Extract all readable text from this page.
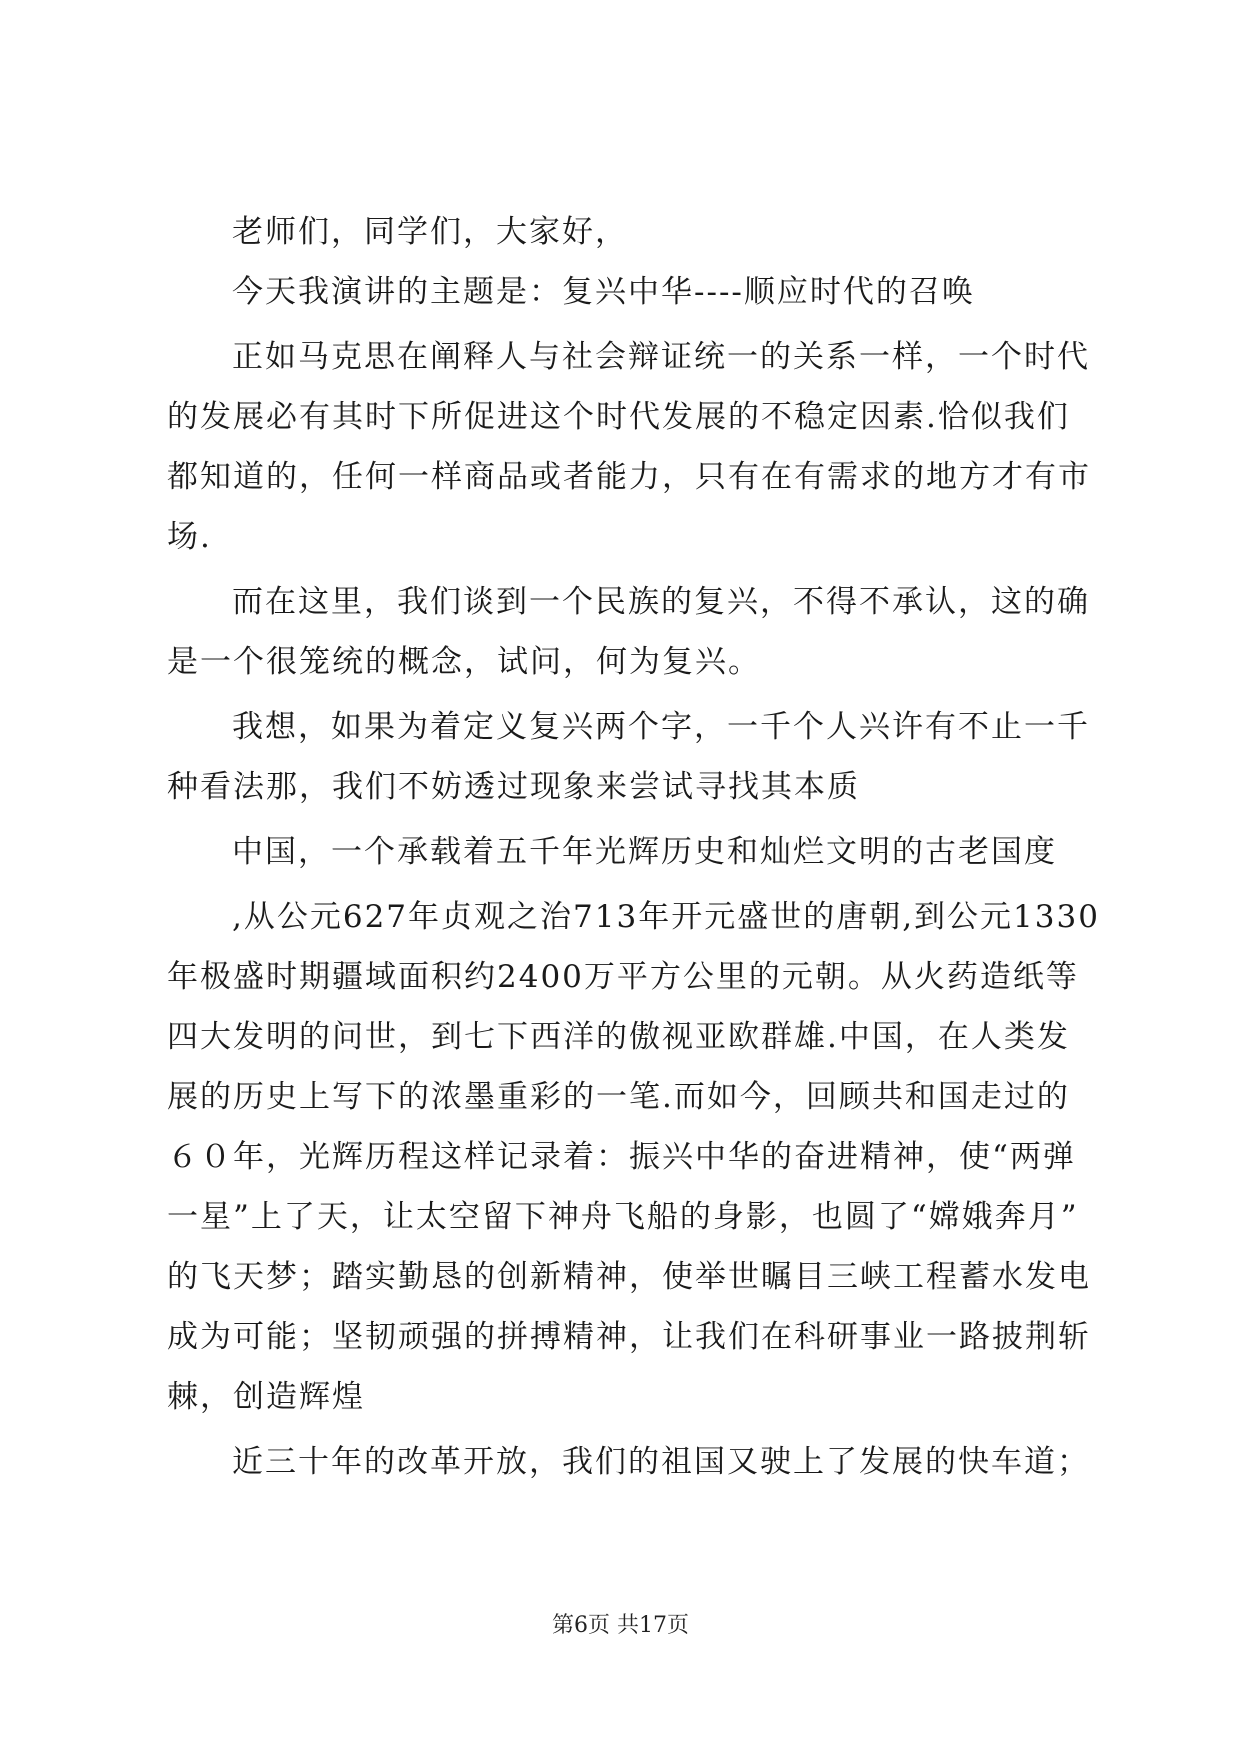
老师们，同学们，大家好，
今天我演讲的主题是：复兴中华----顺应时代的召唤
正如马克思在阐释人与社会辩证统一的关系一样，一个时代
的发展必有其时下所促进这个时代发展的不稳定因素.恰似我们
都知道的，任何一样商品或者能力，只有在有需求的地方才有市
场.
而在这里，我们谈到一个民族的复兴，不得不承认，这的确
是一个很笼统的概念，试问，何为复兴。
我想，如果为着定义复兴两个字，一千个人兴许有不止一千
种看法那，我们不妨透过现象来尝试寻找其本质
中国，一个承载着五千年光辉历史和灿烂文明的古老国度
,从公元627年贞观之治713年开元盛世的唐朝,到公元1330
年极盛时期疆域面积约2400万平方公里的元朝。从火药造纸等
四大发明的问世，到七下西洋的傲视亚欧群雄.中国，在人类发
展的历史上写下的浓墨重彩的一笔.而如今，回顾共和国走过的
６０年，光辉历程这样记录着：振兴中华的奋进精神，使“两弹
一星”上了天，让太空留下神舟飞船的身影，也圆了“嫦娥奔月”
的飞天梦；踏实勤恳的创新精神，使举世瞩目三峡工程蓄水发电
成为可能；坚韧顽强的拼搏精神，让我们在科研事业一路披荆斩
棘，创造辉煌
近三十年的改革开放，我们的祖国又驶上了发展的快车道；
第6页 共17页
